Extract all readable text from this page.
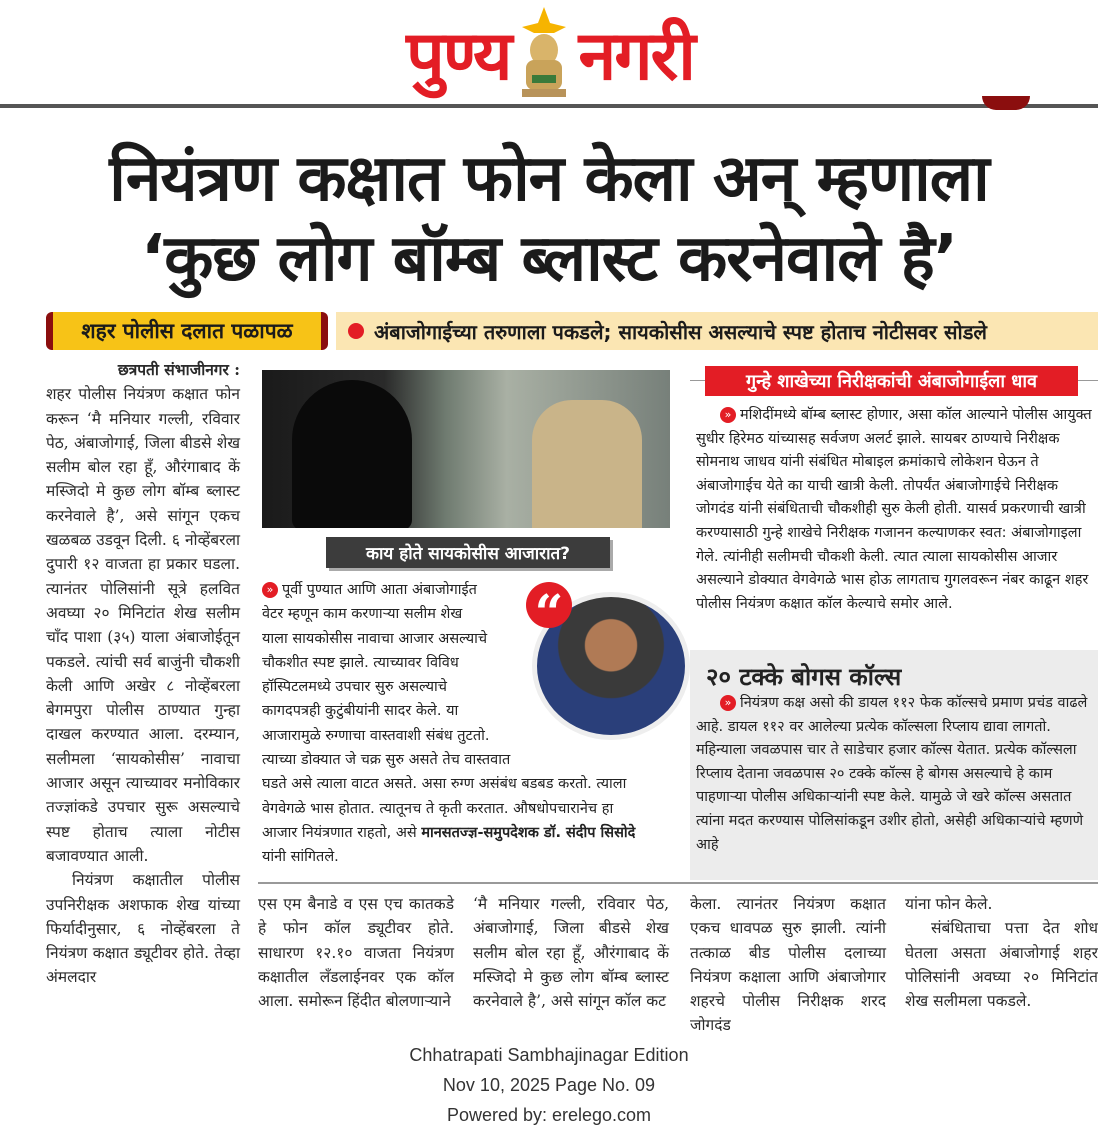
पुण्य नगरी
नियंत्रण कक्षात फोन केला अन् म्हणाला
‘कुछ लोग बॉम्ब ब्लास्ट करनेवाले है’
शहर पोलीस दलात पळापळ	अंबाजोगाईच्या तरुणाला पकडले; सायकोसीस असल्याचे स्पष्ट होताच नोटीसवर सोडले
छत्रपती संभाजीनगर :

शहर पोलीस नियंत्रण कक्षात फोन करून ‘मै मनियार गल्ली, रविवार पेठ, अंबाजोगाई, जिला बीडसे शेख सलीम बोल रहा हूँ, औरंगाबाद कें मस्जिदो मे कुछ लोग बॉम्ब ब्लास्ट करनेवाले है’, असे सांगून एकच खळबळ उडवून दिली. ६ नोव्हेंबरला दुपारी १२ वाजता हा प्रकार घडला. त्यानंतर पोलिसांनी सूत्रे हलवित अवघ्या २० मिनिटांत शेख सलीम चाँद पाशा (३५) याला अंबाजोईतून पकडले. त्यांची सर्व बाजुंनी चौकशी केली आणि अखेर ८ नोव्हेंबरला बेगमपुरा पोलीस ठाण्यात गुन्हा दाखल करण्यात आला. दरम्यान, सलीमला ‘सायकोसीस’ नावाचा आजार असून त्याच्यावर मनोविकार तज्ज्ञांकडे उपचार सुरू असल्याचे स्पष्ट होताच त्याला नोटीस बजावण्यात आली.

नियंत्रण कक्षातील पोलीस उपनिरीक्षक अशफाक शेख यांच्या फिर्यादीनुसार, ६ नोव्हेंबरला ते नियंत्रण कक्षात ड्यूटीवर होते. तेव्हा अंमलदार

काय होते सायकोसीस आजारात?
» पूर्वी पुण्यात आणि आता अंबाजोगाईत
वेटर म्हणून काम करणाऱ्या सलीम शेख
याला सायकोसीस नावाचा आजार असल्याचे
चौकशीत स्पष्ट झाले. त्याच्यावर विविध
हॉस्पिटलमध्ये उपचार सुरु असल्याचे
कागदपत्रही कुटुंबीयांनी सादर केले. या
आजारामुळे रुग्णाचा वास्तवाशी संबंध तुटतो.
त्याच्या डोक्यात जे चक्र सुरु असते तेच वास्तवात
घडते असे त्याला वाटत असते. असा रुग्ण असंबंध बडबड करतो. त्याला
वेगवेगळे भास होतात. त्यातूनच ते कृती करतात. औषधोपचारानेच हा
आजार नियंत्रणात राहतो, असे मानसतज्ज्ञ-समुपदेशक डॉ. संदीप सिसोदे यांनी सांगितले.
“
गुन्हे शाखेच्या निरीक्षकांची अंबाजोगाईला धाव
» मशिदींमध्ये बॉम्ब ब्लास्ट होणार, असा कॉल आल्याने पोलीस आयुक्त सुधीर हिरेमठ यांच्यासह सर्वजण अलर्ट झाले. सायबर ठाण्याचे निरीक्षक सोमनाथ जाधव यांनी संबंधित मोबाइल क्रमांकाचे लोकेशन घेऊन ते अंबाजोगाईच येते का याची खात्री केली. तोपर्यंत अंबाजोगाईचे निरीक्षक जोगदंड यांनी संबंधिताची चौकशीही सुरु केली होती. यासर्व प्रकरणाची खात्री करण्यासाठी गुन्हे शाखेचे निरीक्षक गजानन कल्याणकर स्वत: अंबाजोगाइला गेले. त्यांनीही सलीमची चौकशी केली. त्यात त्याला सायकोसीस आजार असल्याने डोक्यात वेगवेगळे भास होऊ लागताच गुगलवरून नंबर काढून शहर पोलीस नियंत्रण कक्षात कॉल केल्याचे समोर आले.
२० टक्के बोगस कॉल्स
» नियंत्रण कक्ष असो की डायल ११२ फेक कॉल्सचे प्रमाण प्रचंड वाढले आहे. डायल ११२ वर आलेल्या प्रत्येक कॉल्सला रिप्लाय द्यावा लागतो. महिन्याला जवळपास चार ते साडेचार हजार कॉल्स येतात. प्रत्येक कॉल्सला रिप्लाय देताना जवळपास २० टक्के कॉल्स हे बोगस असल्याचे हे काम पाहणाऱ्या पोलीस अधिकाऱ्यांनी स्पष्ट केले. यामुळे जे खरे कॉल्स असतात त्यांना मदत करण्यास पोलिसांकडून उशीर होतो, असेही अधिकाऱ्यांचे म्हणणे आहे
एस एम बैनाडे व एस एच कातकडे हे फोन कॉल ड्यूटीवर होते. साधारण १२.१० वाजता नियंत्रण कक्षातील लँडलाईनवर एक कॉल आला. समोरून हिंदीत बोलणाऱ्याने
‘मै मनियार गल्ली, रविवार पेठ, अंबाजोगाई, जिला बीडसे शेख सलीम बोल रहा हूँ, औरंगाबाद कें मस्जिदो मे कुछ लोग बॉम्ब ब्लास्ट करनेवाले है’, असे सांगून कॉल कट
केला. त्यानंतर नियंत्रण कक्षात एकच धावपळ सुरु झाली. त्यांनी तत्काळ बीड पोलीस दलाच्या नियंत्रण कक्षाला आणि अंबाजोगार शहरचे पोलीस निरीक्षक शरद जोगदंड

यांना फोन केले.

संबंधिताचा पत्ता देत शोध घेतला असता अंबाजोगाई शहर पोलिसांनी अवघ्या २० मिनिटांत शेख सलीमला पकडले.

Chhatrapati Sambhajinagar Edition
Nov 10, 2025 Page No. 09
Powered by: erelego.com
